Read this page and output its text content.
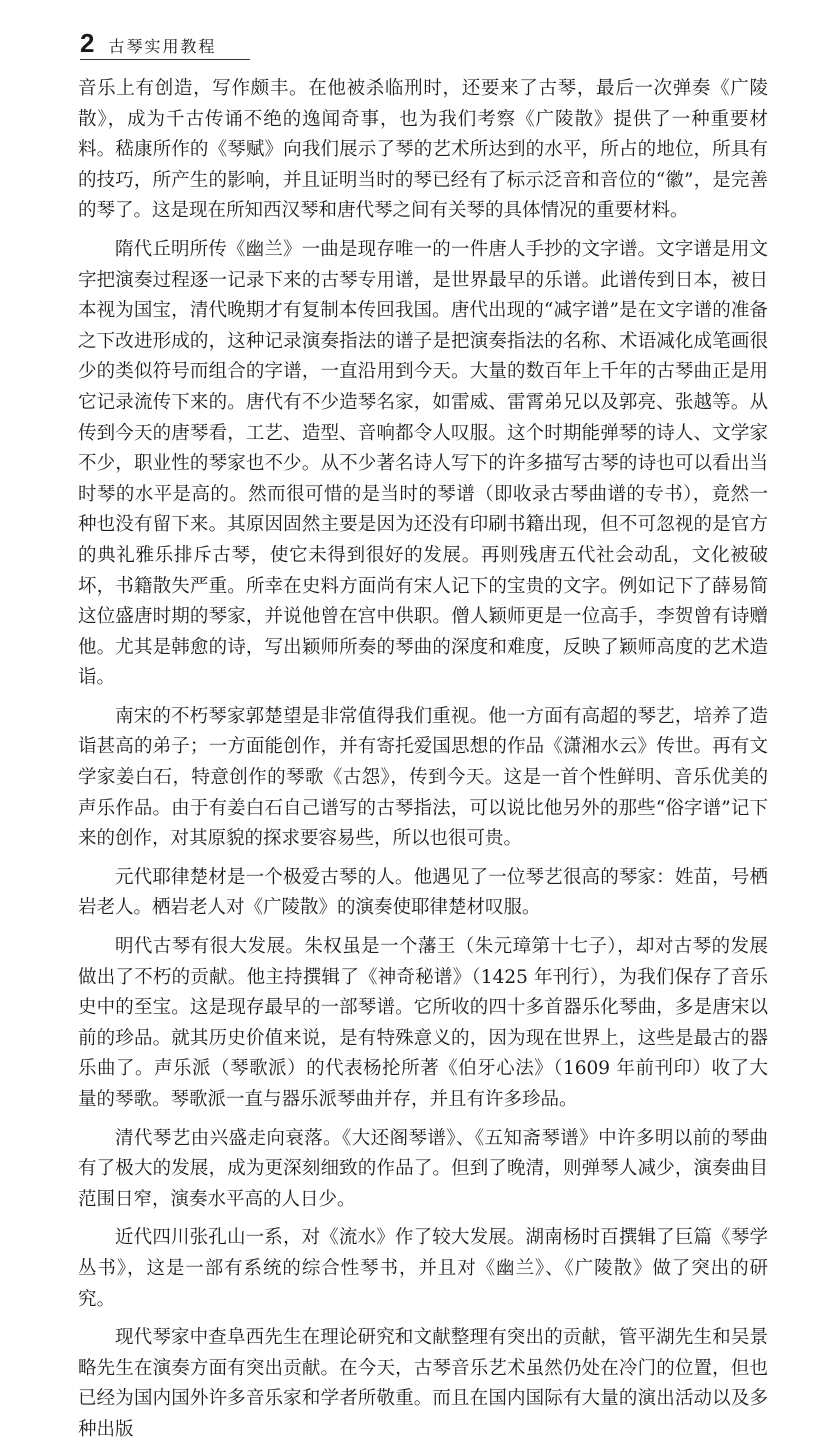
2 古琴实用教程

音乐上有创造，写作颇丰。在他被杀临刑时，还要来了古琴，最后一次弹奏《广陵散》，成为千古传诵不绝的逸闻奇事，也为我们考察《广陵散》提供了一种重要材料。嵇康所作的《琴赋》向我们展示了琴的艺术所达到的水平，所占的地位，所具有的技巧，所产生的影响，并且证明当时的琴已经有了标示泛音和音位的“徽”，是完善的琴了。这是现在所知西汉琴和唐代琴之间有关琴的具体情况的重要材料。

隋代丘明所传《幽兰》一曲是现存唯一的一件唐人手抄的文字谱。文字谱是用文字把演奏过程逐一记录下来的古琴专用谱，是世界最早的乐谱。此谱传到日本，被日本视为国宝，清代晚期才有复制本传回我国。唐代出现的“减字谱”是在文字谱的准备之下改进形成的，这种记录演奏指法的谱子是把演奏指法的名称、术语减化成笔画很少的类似符号而组合的字谱，一直沿用到今天。大量的数百年上千年的古琴曲正是用它记录流传下来的。唐代有不少造琴名家，如雷威、雷霄弟兄以及郭亮、张越等。从传到今天的唐琴看，工艺、造型、音响都令人叹服。这个时期能弹琴的诗人、文学家不少，职业性的琴家也不少。从不少著名诗人写下的许多描写古琴的诗也可以看出当时琴的水平是高的。然而很可惜的是当时的琴谱（即收录古琴曲谱的专书），竟然一种也没有留下来。其原因固然主要是因为还没有印刷书籍出现，但不可忽视的是官方的典礼雅乐排斥古琴，使它未得到很好的发展。再则残唐五代社会动乱，文化被破坏，书籍散失严重。所幸在史料方面尚有宋人记下的宝贵的文字。例如记下了薛易简这位盛唐时期的琴家，并说他曾在宫中供职。僧人颖师更是一位高手，李贺曾有诗赠他。尤其是韩愈的诗，写出颖师所奏的琴曲的深度和难度，反映了颖师高度的艺术造诣。

南宋的不朽琴家郭楚望是非常值得我们重视。他一方面有高超的琴艺，培养了造诣甚高的弟子；一方面能创作，并有寄托爱国思想的作品《潇湘水云》传世。再有文学家姜白石，特意创作的琴歌《古怨》，传到今天。这是一首个性鲜明、音乐优美的声乐作品。由于有姜白石自己谱写的古琴指法，可以说比他另外的那些“俗字谱”记下来的创作，对其原貌的探求要容易些，所以也很可贵。

元代耶律楚材是一个极爱古琴的人。他遇见了一位琴艺很高的琴家：姓苗，号栖岩老人。栖岩老人对《广陵散》的演奏使耶律楚材叹服。

明代古琴有很大发展。朱权虽是一个藩王（朱元璋第十七子），却对古琴的发展做出了不朽的贡献。他主持撰辑了《神奇秘谱》（1425 年刊行），为我们保存了音乐史中的至宝。这是现存最早的一部琴谱。它所收的四十多首器乐化琴曲，多是唐宋以前的珍品。就其历史价值来说，是有特殊意义的，因为现在世界上，这些是最古的器乐曲了。声乐派（琴歌派）的代表杨抡所著《伯牙心法》（1609 年前刊印）收了大量的琴歌。琴歌派一直与器乐派琴曲并存，并且有许多珍品。

清代琴艺由兴盛走向衰落。《大还阁琴谱》、《五知斋琴谱》中许多明以前的琴曲有了极大的发展，成为更深刻细致的作品了。但到了晚清，则弹琴人减少，演奏曲目范围日窄，演奏水平高的人日少。

近代四川张孔山一系，对《流水》作了较大发展。湖南杨时百撰辑了巨篇《琴学丛书》，这是一部有系统的综合性琴书，并且对《幽兰》、《广陵散》做了突出的研究。

现代琴家中查阜西先生在理论研究和文献整理有突出的贡献，管平湖先生和吴景略先生在演奏方面有突出贡献。在今天，古琴音乐艺术虽然仍处在冷门的位置，但也已经为国内国外许多音乐家和学者所敬重。而且在国内国际有大量的演出活动以及多种出版
